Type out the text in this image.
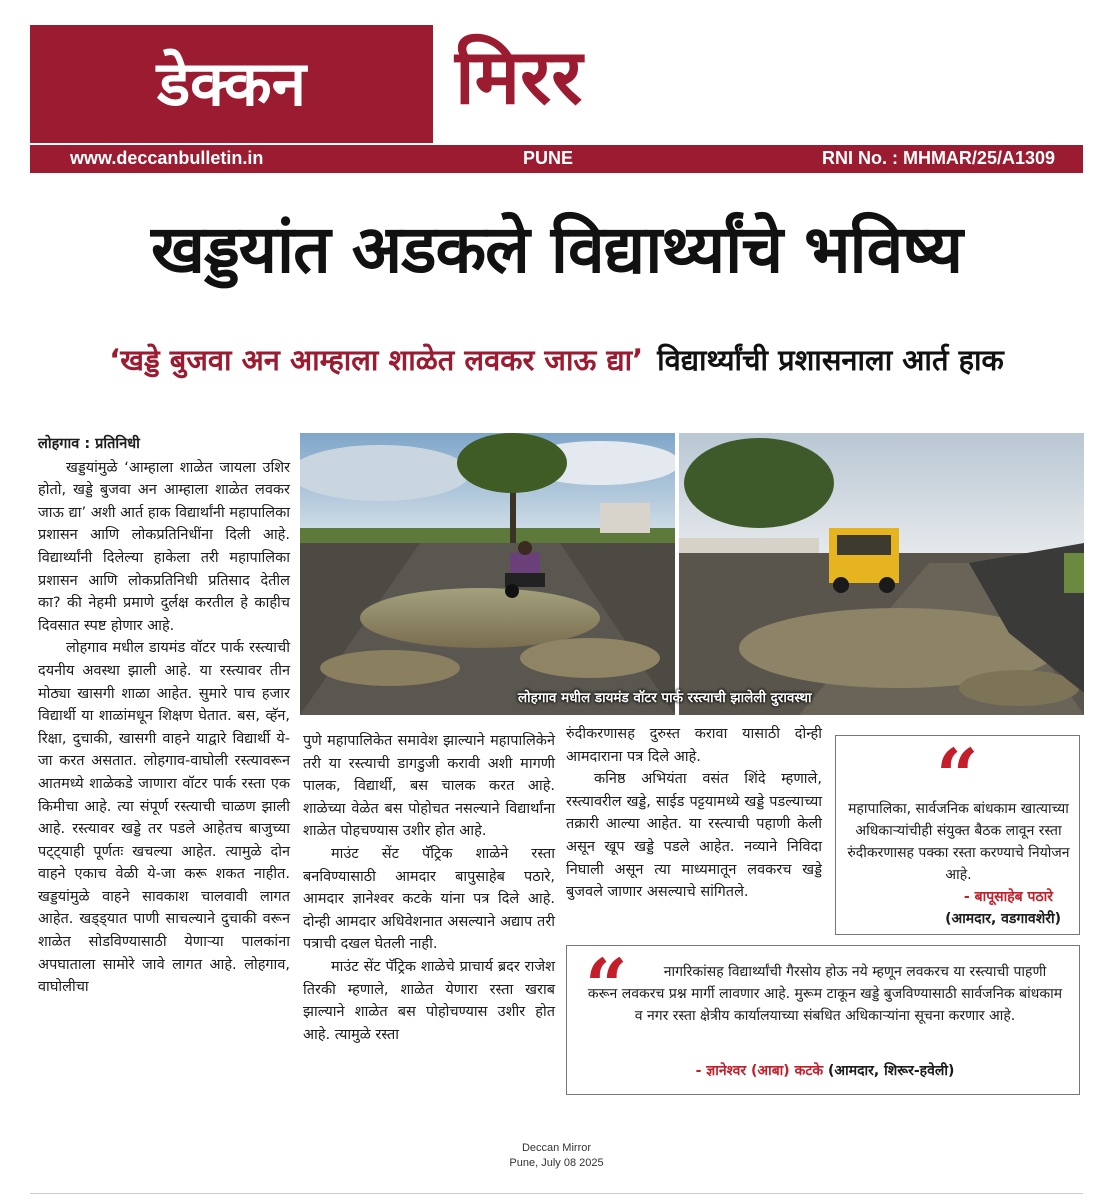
डेक्कन मिरर
www.deccanbulletin.in	PUNE	RNI No. : MHMAR/25/A1309
खड्डयांत अडकले विद्यार्थ्यांचे भविष्य
‘खड्डे बुजवा अन आम्हाला शाळेत लवकर जाऊ द्या’ विद्यार्थ्यांची प्रशासनाला आर्त हाक

लोहगाव : प्रतिनिधी

खड्डयांमुळे ‘आम्हाला शाळेत जायला उशिर होतो, खड्डे बुजवा अन आम्हाला शाळेत लवकर जाऊ द्या’ अशी आर्त हाक विद्यार्थांनी महापालिका प्रशासन आणि लोकप्रतिनिधींना दिली आहे. विद्यार्थ्यांनी दिलेल्या हाकेला तरी महापालिका प्रशासन आणि लोकप्रतिनिधी प्रतिसाद देतील का? की नेहमी प्रमाणे दुर्लक्ष करतील हे काहीच दिवसात स्पष्ट होणार आहे.

लोहगाव मधील डायमंड वॉटर पार्क रस्त्याची दयनीय अवस्था झाली आहे. या रस्त्यावर तीन मोठ्या खासगी शाळा आहेत. सुमारे पाच हजार विद्यार्थी या शाळांमधून शिक्षण घेतात. बस, व्हॅन, रिक्षा, दुचाकी, खासगी वाहने याद्वारे विद्यार्थी ये-जा करत असतात. लोहगाव-वाघोली रस्त्यावरून आतमध्ये शाळेकडे जाणारा वॉटर पार्क रस्ता एक किमीचा आहे. त्या संपूर्ण रस्त्याची चाळण झाली आहे. रस्त्यावर खड्डे तर पडले आहेतच बाजुच्या पट्ट्याही पूर्णतः खचल्या आहेत. त्यामुळे दोन वाहने एकाच वेळी ये-जा करू शकत नाहीत. खड्डयांमुळे वाहने सावकाश चालवावी लागत आहेत. खड्ड्यात पाणी साचल्याने दुचाकी वरून शाळेत सोडविण्यासाठी येणाऱ्या पालकांना अपघाताला सामोरे जावे लागत आहे. लोहगाव, वाघोलीचा

लोहगाव मधील डायमंड वॉटर पार्क रस्त्याची झालेली दुरावस्था

पुणे महापालिकेत समावेश झाल्याने महापालिकेने तरी या रस्त्याची डागडुजी करावी अशी मागणी पालक, विद्यार्थी, बस चालक करत आहे. शाळेच्या वेळेत बस पोहोचत नसल्याने विद्यार्थांना शाळेत पोहचण्यास उशीर होत आहे.

माउंट सेंट पॅट्रिक शाळेने रस्ता बनविण्यासाठी आमदार बापुसाहेब पठारे, आमदार ज्ञानेश्वर कटके यांना पत्र दिले आहे. दोन्ही आमदार अधिवेशनात असल्याने अद्याप तरी पत्राची दखल घेतली नाही.

माउंट सेंट पॅट्रिक शाळेचे प्राचार्य ब्रदर राजेश तिरकी म्हणाले, शाळेत येणारा रस्ता खराब झाल्याने शाळेत बस पोहोचण्यास उशीर होत आहे. त्यामुळे रस्ता

रुंदीकरणासह दुरुस्त करावा यासाठी दोन्ही आमदाराना पत्र दिले आहे.

कनिष्ठ अभियंता वसंत शिंदे म्हणाले, रस्त्यावरील खड्डे, साईड पट्टयामध्ये खड्डे पडल्याच्या तक्रारी आल्या आहेत. या रस्त्याची पहाणी केली असून खूप खड्डे पडले आहेत. नव्याने निविदा निघाली असून त्या माध्यमातून लवकरच खड्डे बुजवले जाणार असल्याचे सांगितले.

“
महापालिका, सार्वजनिक बांधकाम खात्याच्या अधिकाऱ्यांचीही संयुक्त बैठक लावून रस्ता रुंदीकरणासह पक्का रस्ता करण्याचे नियोजन आहे.
- बापूसाहेब पठारे
(आमदार, वडगावशेरी)
“	नागरिकांसह विद्यार्थ्यांची गैरसोय होऊ नये म्हणून लवकरच या रस्त्याची पाहणी करून लवकरच प्रश्न मार्गी लावणार आहे. मुरूम टाकून खड्डे बुजविण्यासाठी सार्वजनिक बांधकाम व नगर रस्ता क्षेत्रीय कार्यालयाच्या संबधित अधिकाऱ्यांना सूचना करणार आहे.
- ज्ञानेश्वर (आबा) कटके (आमदार, शिरूर-हवेली)
Deccan Mirror
Pune, July 08 2025
